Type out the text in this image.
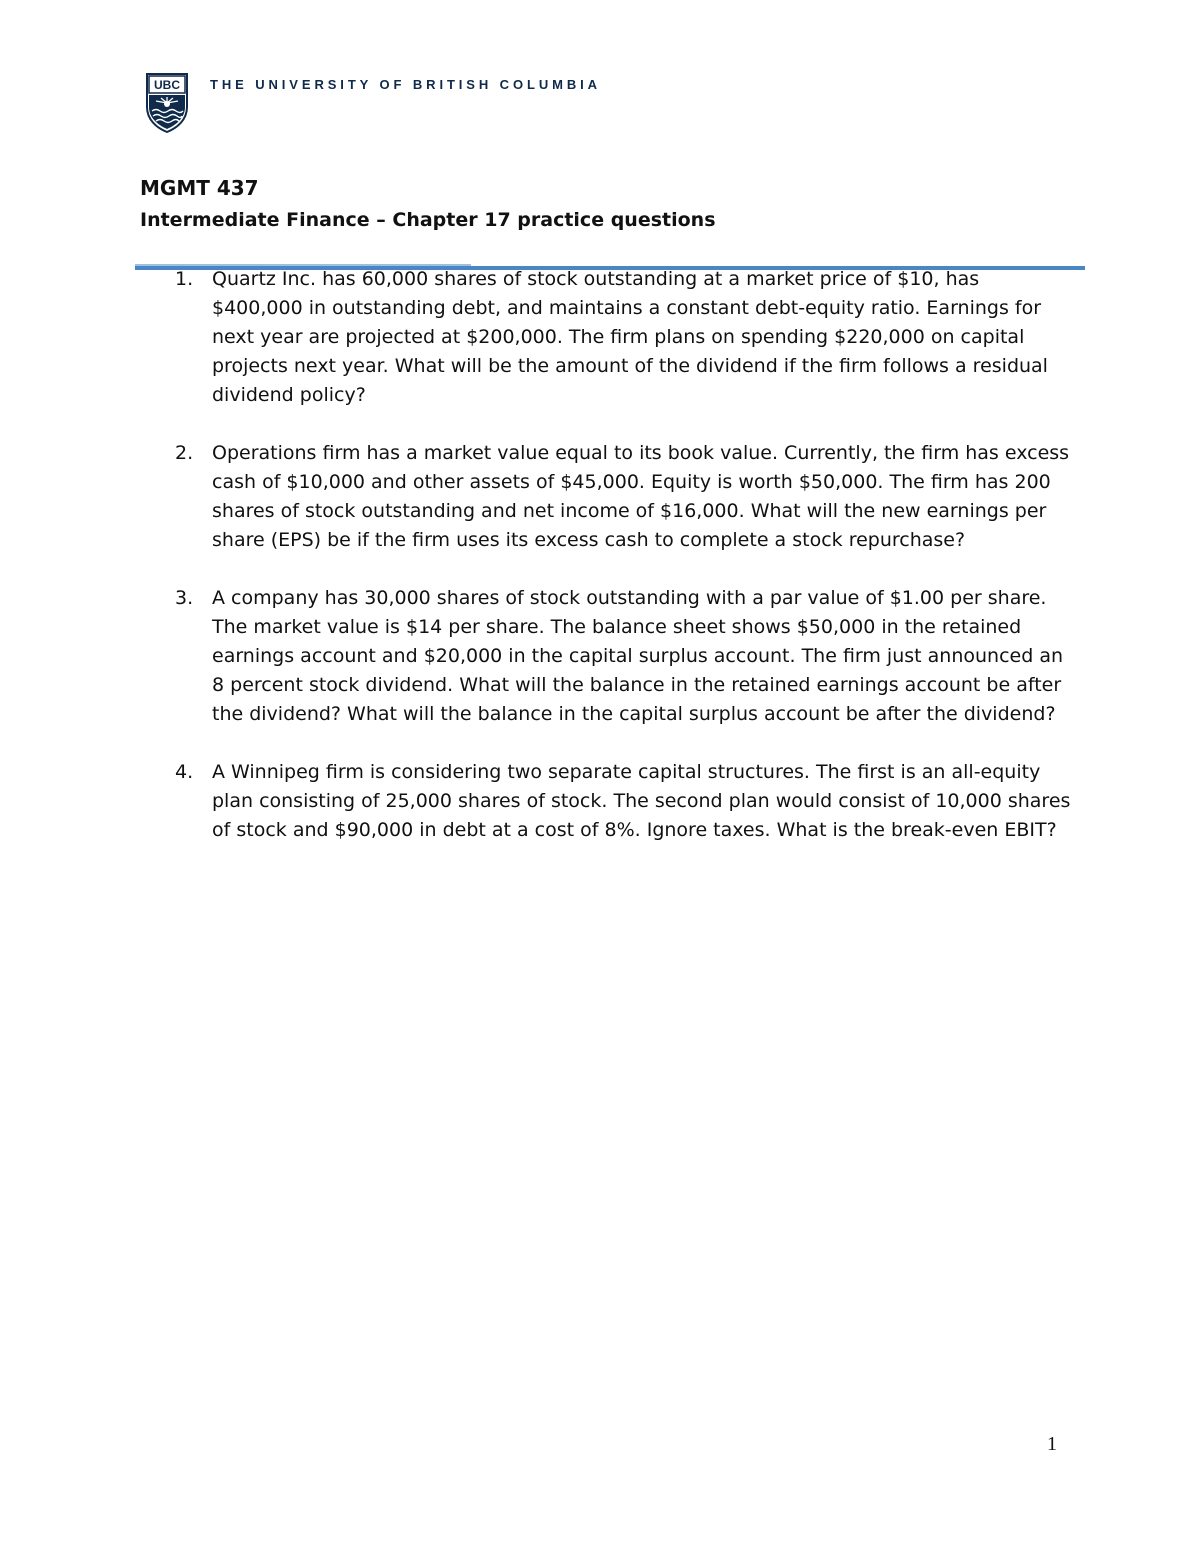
UBC THE UNIVERSITY OF BRITISH COLUMBIA
MGMT 437
Intermediate Finance – Chapter 17 practice questions
1. Quartz Inc. has 60,000 shares of stock outstanding at a market price of $10, has $400,000 in outstanding debt, and maintains a constant debt-equity ratio. Earnings for next year are projected at $200,000. The firm plans on spending $220,000 on capital projects next year. What will be the amount of the dividend if the firm follows a residual dividend policy?
2. Operations firm has a market value equal to its book value. Currently, the firm has excess cash of $10,000 and other assets of $45,000. Equity is worth $50,000. The firm has 200 shares of stock outstanding and net income of $16,000. What will the new earnings per share (EPS) be if the firm uses its excess cash to complete a stock repurchase?
3. A company has 30,000 shares of stock outstanding with a par value of $1.00 per share. The market value is $14 per share. The balance sheet shows $50,000 in the retained earnings account and $20,000 in the capital surplus account. The firm just announced an 8 percent stock dividend. What will the balance in the retained earnings account be after the dividend? What will the balance in the capital surplus account be after the dividend?
4. A Winnipeg firm is considering two separate capital structures. The first is an all-equity plan consisting of 25,000 shares of stock. The second plan would consist of 10,000 shares of stock and $90,000 in debt at a cost of 8%. Ignore taxes. What is the break-even EBIT?
1
